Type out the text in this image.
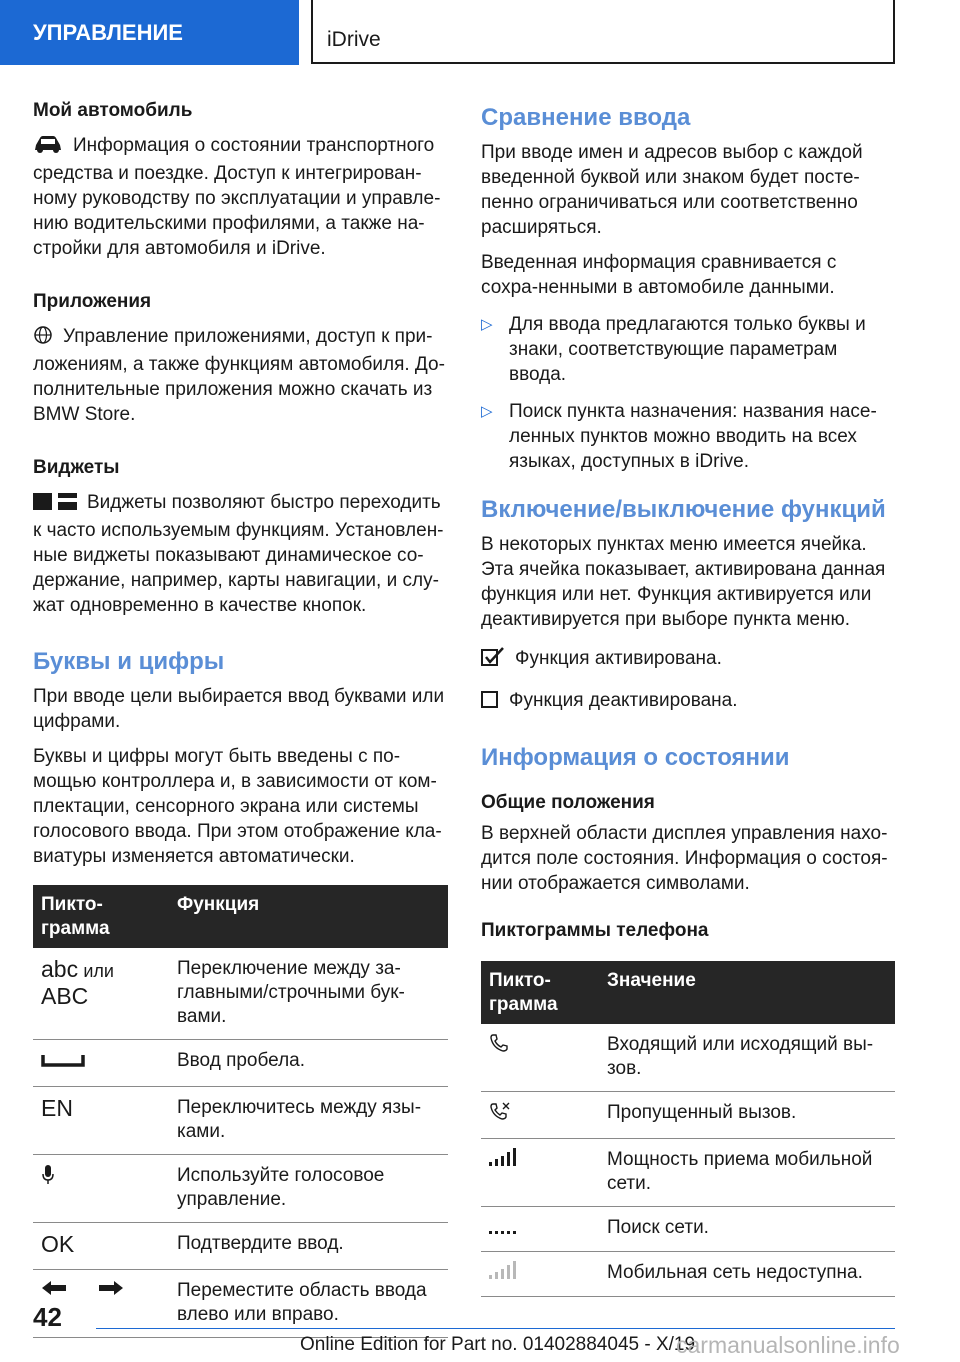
УПРАВЛЕНИЕ	iDrive
Мой автомобиль

Информация о состоянии транспортного средства и поездке. Доступ к интегрирован-ному руководству по эксплуатации и управле-нию водительскими профилями, а также на-стройки для автомобиля и iDrive.

Приложения

Управление приложениями, доступ к при-ложениям, а также функциям автомобиля. До-полнительные приложения можно скачать из BMW Store.

Виджеты

Виджеты позволяют быстро переходить к часто используемым функциям. Установлен-ные виджеты показывают динамическое со-держание, например, карты навигации, и слу-жат одновременно в качестве кнопок.

Буквы и цифры

При вводе цели выбирается ввод буквами или цифрами.

Буквы и цифры могут быть введены с по-мощью контроллера и, в зависимости от ком-плектации, сенсорного экрана или системы голосового ввода. При этом отображение кла-виатуры изменяется автоматически.

Пикто-грамма	Функция
abc или
ABC	Переключение между за-главными/строчными бук-вами.
	Ввод пробела.
EN	Переключитесь между язы-ками.
	Используйте голосовое управление.
OK	Подтвердите ввод.
	Переместите область ввода влево или вправо.
Сравнение ввода

При вводе имен и адресов выбор с каждой введенной буквой или знаком будет посте-пенно ограничиваться или соответственно расширяться.

Введенная информация сравнивается с сохра-ненными в автомобиле данными.

▷ Для ввода предлагаются только буквы и знаки, соответствующие параметрам ввода.

▷ Поиск пункта назначения: названия насе-ленных пунктов можно вводить на всех языках, доступных в iDrive.

Включение/выключение функций

В некоторых пунктах меню имеется ячейка. Эта ячейка показывает, активирована данная функция или нет. Функция активируется или деактивируется при выборе пункта меню.

Функция активирована.

Функция деактивирована.

Информация о состоянии
Общие положения

В верхней области дисплея управления нахо-дится поле состояния. Информация о состоя-нии отображается символами.

Пиктограммы телефона
Пикто-грамма	Значение
	Входящий или исходящий вы-зов.
	Пропущенный вызов.
	Мощность приема мобильной сети.
	Поиск сети.
	Мобильная сеть недоступна.
42
Online Edition for Part no. 01402884045 - X/19
carmanualsonline.info
